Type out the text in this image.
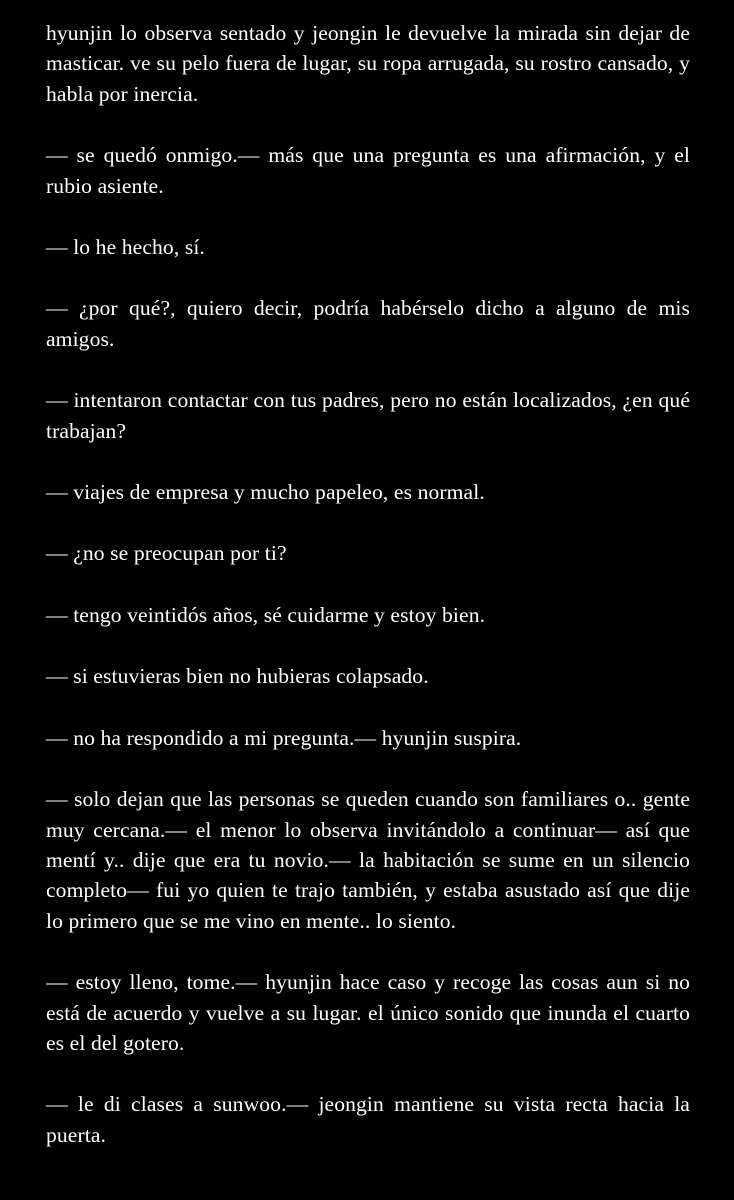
hyunjin lo observa sentado y jeongin le devuelve la mirada sin dejar de masticar. ve su pelo fuera de lugar, su ropa arrugada, su rostro cansado, y habla por inercia.

— se quedó onmigo.— más que una pregunta es una afirmación, y el rubio asiente.

— lo he hecho, sí.

— ¿por qué?, quiero decir, podría habérselo dicho a alguno de mis amigos.

— intentaron contactar con tus padres, pero no están localizados, ¿en qué trabajan?

— viajes de empresa y mucho papeleo, es normal.

— ¿no se preocupan por ti?

— tengo veintidós años, sé cuidarme y estoy bien.

— si estuvieras bien no hubieras colapsado.

— no ha respondido a mi pregunta.— hyunjin suspira.

— solo dejan que las personas se queden cuando son familiares o.. gente muy cercana.— el menor lo observa invitándolo a continuar— así que mentí y.. dije que era tu novio.— la habitación se sume en un silencio completo— fui yo quien te trajo también, y estaba asustado así que dije lo primero que se me vino en mente.. lo siento.

— estoy lleno, tome.— hyunjin hace caso y recoge las cosas aun si no está de acuerdo y vuelve a su lugar. el único sonido que inunda el cuarto es el del gotero.

— le di clases a sunwoo.— jeongin mantiene su vista recta hacia la puerta.
